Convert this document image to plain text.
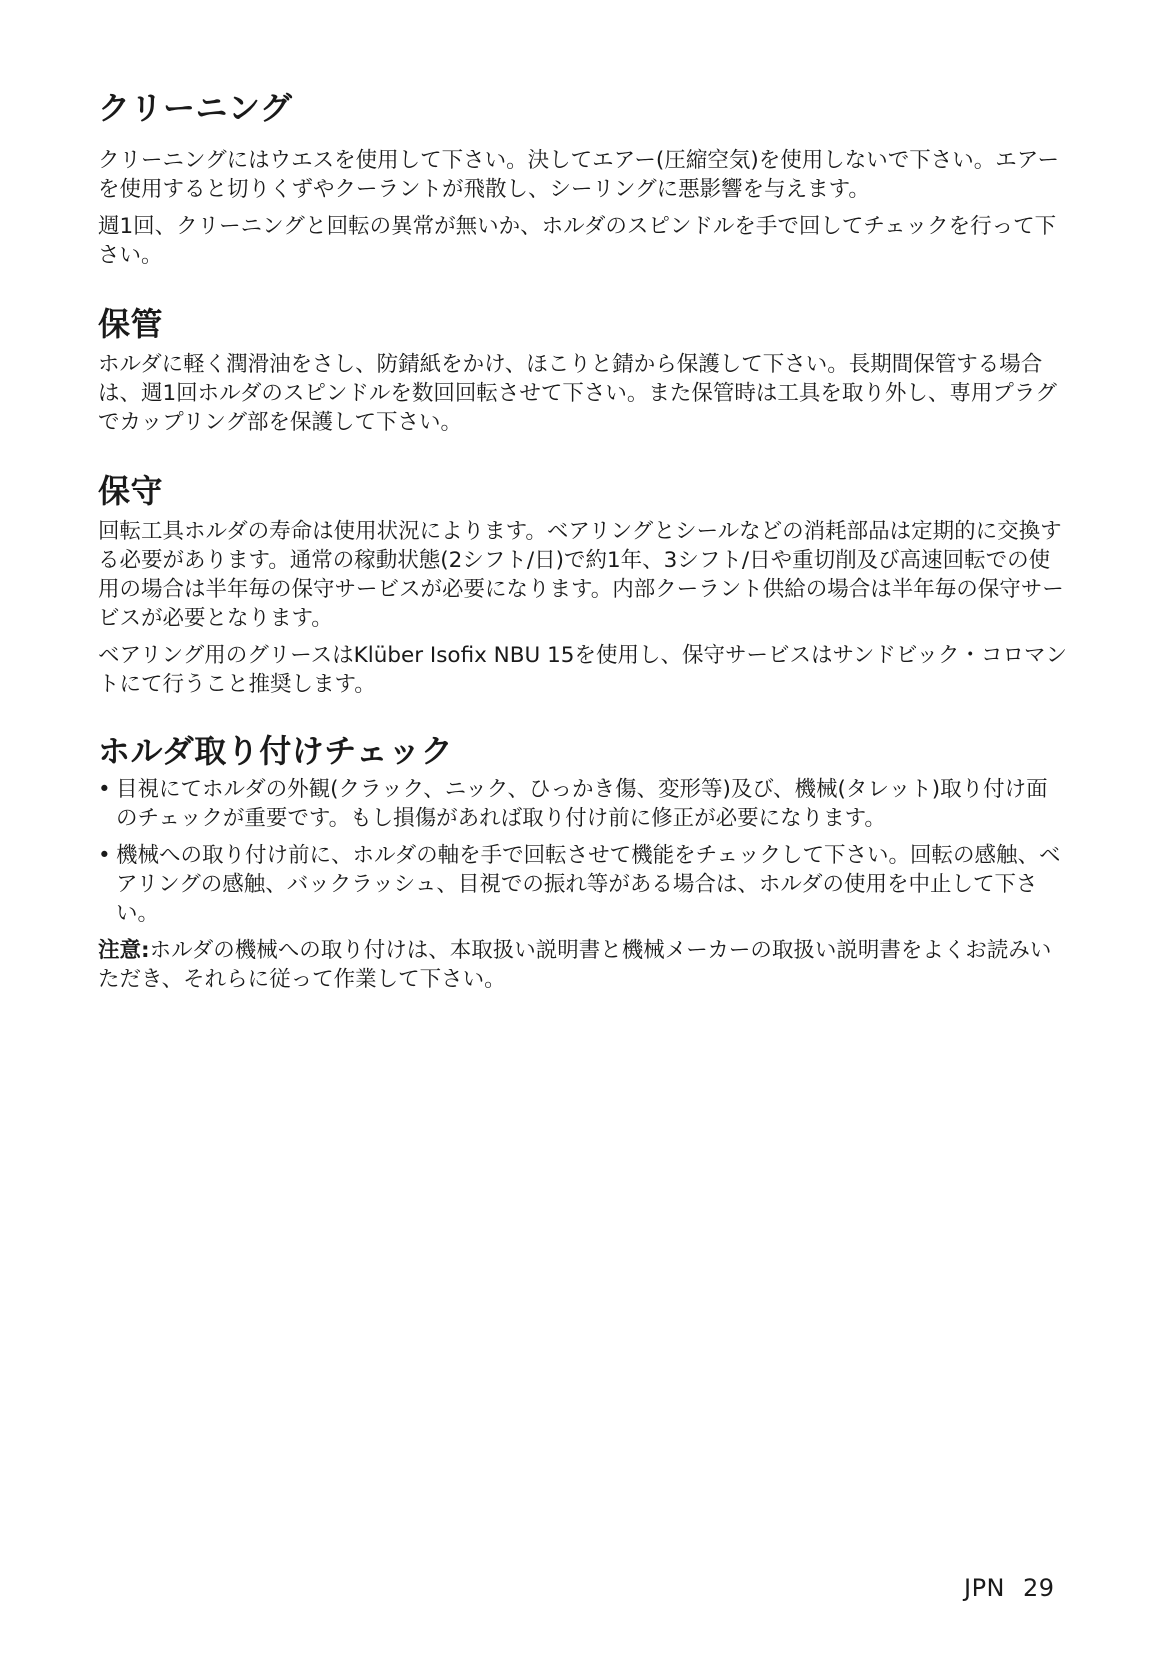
クリーニング

クリーニングにはウエスを使用して下さい。決してエアー(圧縮空気)を使用しないで下さい。エアーを使用すると切りくずやクーラントが飛散し、シーリングに悪影響を与えます。

週1回、クリーニングと回転の異常が無いか、ホルダのスピンドルを手で回してチェックを行って下さい。

保管

ホルダに軽く潤滑油をさし、防錆紙をかけ、ほこりと錆から保護して下さい。長期間保管する場合は、週1回ホルダのスピンドルを数回回転させて下さい。また保管時は工具を取り外し、専用プラグでカップリング部を保護して下さい。

保守

回転工具ホルダの寿命は使用状況によります。ベアリングとシールなどの消耗部品は定期的に交換する必要があります。通常の稼動状態(2シフト/日)で約1年、3シフト/日や重切削及び高速回転での使用の場合は半年毎の保守サービスが必要になります。内部クーラント供給の場合は半年毎の保守サービスが必要となります。

ベアリング用のグリースはKlüber Isofix NBU 15を使用し、保守サービスはサンドビック・コロマントにて行うこと推奨します。

ホルダ取り付けチェック
• 目視にてホルダの外観(クラック、ニック、ひっかき傷、変形等)及び、機械(タレット)取り付け面のチェックが重要です。もし損傷があれば取り付け前に修正が必要になります。
• 機械への取り付け前に、ホルダの軸を手で回転させて機能をチェックして下さい。回転の感触、ベアリングの感触、バックラッシュ、目視での振れ等がある場合は、ホルダの使用を中止して下さい。

注意:ホルダの機械への取り付けは、本取扱い説明書と機械メーカーの取扱い説明書をよくお読みいただき、それらに従って作業して下さい。

JPN 29
